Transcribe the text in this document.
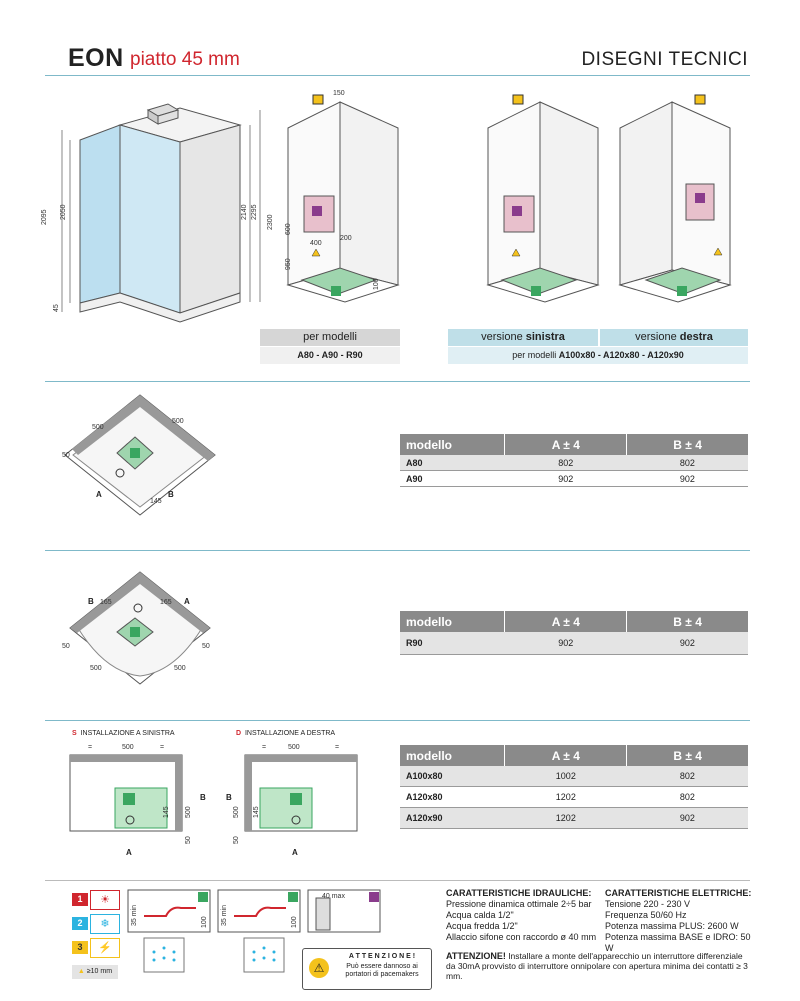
EON piatto 45 mm	DISEGNI TECNICI
2095 2050	2140 2295
45
150
2300 600
950
400
200
100
per modelli
A80 - A90 - R90
versione sinistra	versione destra
per modelli A100x80 - A120x80 - A120x90
500
500
50
145
A	B
modello	A ± 4	B ± 4
A80	802	802
A90	902	902
165	165
500	500
50	50
B	A
modello	A ± 4	B ± 4
R90	902	902
S INSTALLAZIONE A SINISTRA	D INSTALLAZIONE A DESTRA
=	500	=
145 500
50
B
A
=	500	=
145
500
50
B
A
modello	A ± 4	B ± 4
A100x80	1002	802
A120x80	1202	802
A120x90	1202	902
1	☀
2	❄
3	⚡
▲ ≥10 mm
35 min	100 35 min	100
40 max
⚠
A T T E N Z I O N E !
Può essere dannoso ai portatori di pacemakers
CARATTERISTICHE IDRAULICHE:
Pressione dinamica ottimale 2÷5 bar
Acqua calda 1/2"
Acqua fredda 1/2"
Allaccio sifone con raccordo ø 40 mm
CARATTERISTICHE ELETTRICHE:
Tensione 220 - 230 V
Frequenza 50/60 Hz
Potenza massima PLUS: 2600 W
Potenza massima BASE e IDRO: 50 W
ATTENZIONE! Installare a monte dell'apparecchio un interruttore differenziale da 30mA provvisto di interruttore onnipolare con apertura minima dei contatti ≥ 3 mm.
